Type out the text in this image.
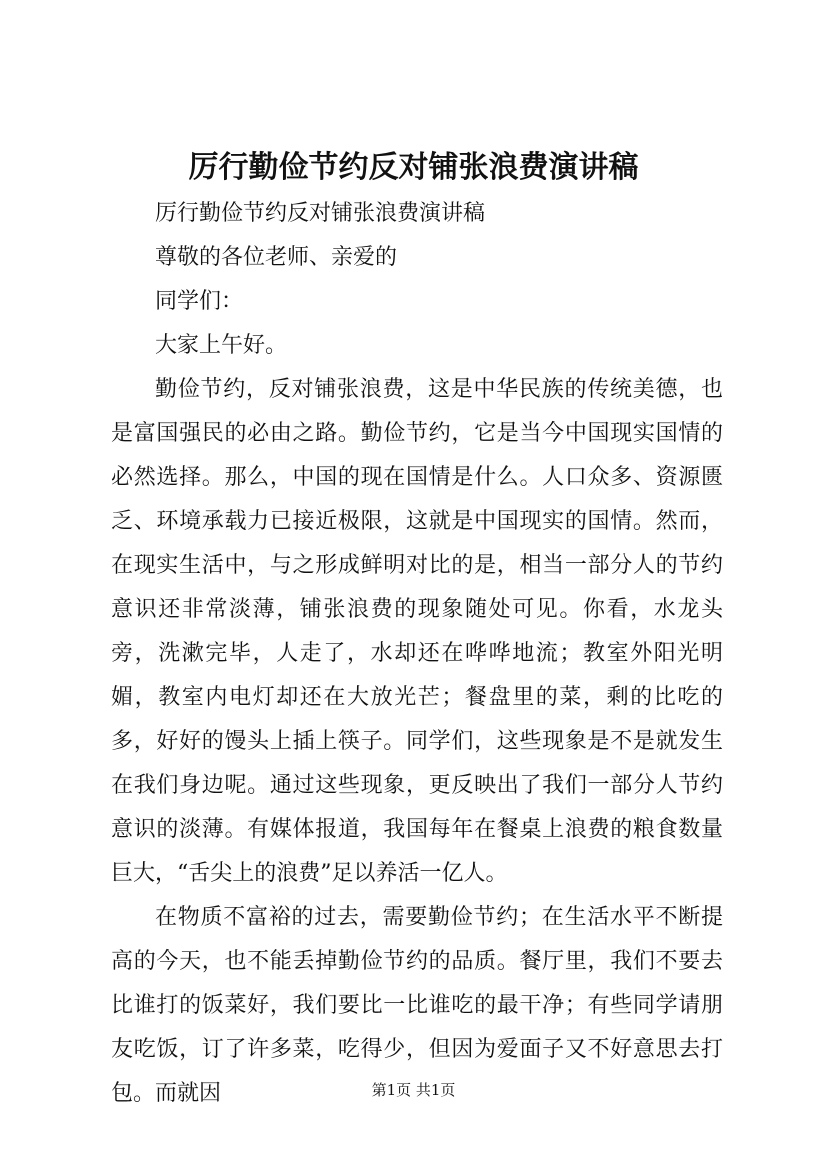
厉行勤俭节约反对铺张浪费演讲稿

厉行勤俭节约反对铺张浪费演讲稿

尊敬的各位老师、亲爱的

同学们：

大家上午好。

勤俭节约，反对铺张浪费，这是中华民族的传统美德，也是富国强民的必由之路。勤俭节约，它是当今中国现实国情的必然选择。那么，中国的现在国情是什么。人口众多、资源匮乏、环境承载力已接近极限，这就是中国现实的国情。然而，在现实生活中，与之形成鲜明对比的是，相当一部分人的节约意识还非常淡薄，铺张浪费的现象随处可见。你看，水龙头旁，洗漱完毕，人走了，水却还在哗哗地流；教室外阳光明媚，教室内电灯却还在大放光芒；餐盘里的菜，剩的比吃的多，好好的馒头上插上筷子。同学们，这些现象是不是就发生在我们身边呢。通过这些现象，更反映出了我们一部分人节约意识的淡薄。有媒体报道，我国每年在餐桌上浪费的粮食数量巨大，“舌尖上的浪费”足以养活一亿人。

在物质不富裕的过去，需要勤俭节约；在生活水平不断提高的今天，也不能丢掉勤俭节约的品质。餐厅里，我们不要去比谁打的饭菜好，我们要比一比谁吃的最干净；有些同学请朋友吃饭，订了许多菜，吃得少，但因为爱面子又不好意思去打包。而就因	第1页 共1页
